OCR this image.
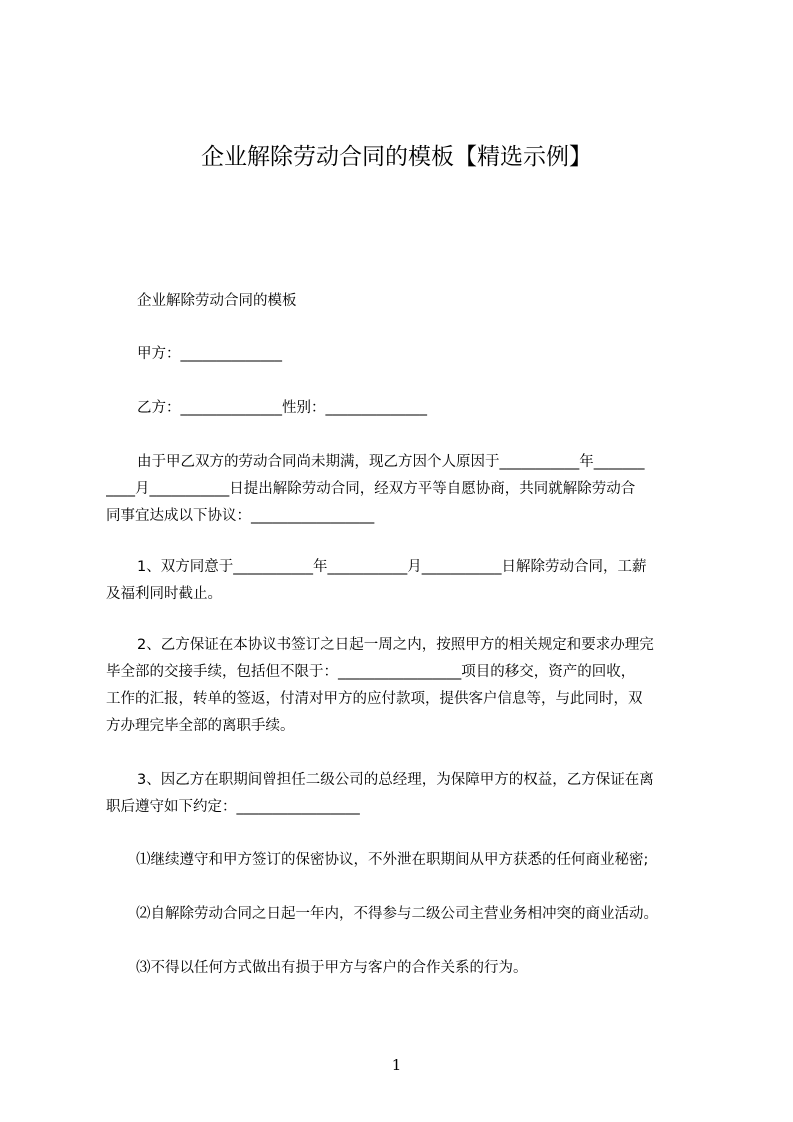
企业解除劳动合同的模板【精选示例】
企业解除劳动合同的模板
甲方：______________
乙方：______________性别：______________
由于甲乙双方的劳动合同尚未期满，现乙方因个人原因于___________年_______
____月___________日提出解除劳动合同，经双方平等自愿协商，共同就解除劳动合
同事宜达成以下协议：_________________
1、双方同意于___________年___________月___________日解除劳动合同，工薪
及福利同时截止。
2、乙方保证在本协议书签订之日起一周之内，按照甲方的相关规定和要求办理完
毕全部的交接手续，包括但不限于：_________________项目的移交，资产的回收，
工作的汇报，转单的签返，付清对甲方的应付款项，提供客户信息等，与此同时，双
方办理完毕全部的离职手续。
3、因乙方在职期间曾担任二级公司的总经理，为保障甲方的权益，乙方保证在离
职后遵守如下约定：_________________
⑴继续遵守和甲方签订的保密协议，不外泄在职期间从甲方获悉的任何商业秘密;
⑵自解除劳动合同之日起一年内，不得参与二级公司主营业务相冲突的商业活动。
⑶不得以任何方式做出有损于甲方与客户的合作关系的行为。
1
